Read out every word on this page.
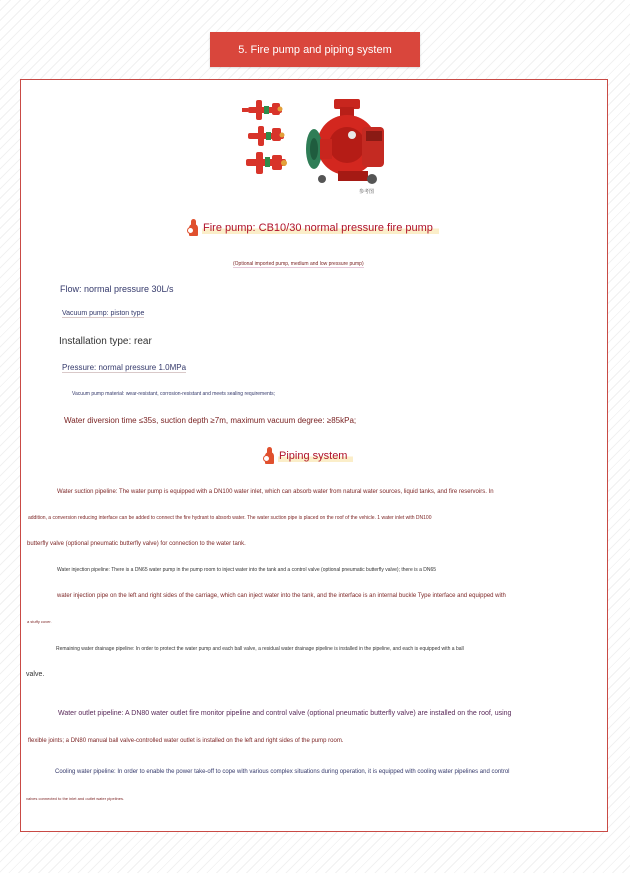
5. Fire pump and piping system
参考图
Fire pump: CB10/30 normal pressure fire pump
(Optional imported pump, medium and low pressure pump)
Flow: normal pressure 30L/s
Vacuum pump: piston type
Installation type: rear
Pressure: normal pressure 1.0MPa
Vacuum pump material: wear-resistant, corrosion-resistant and meets sealing requirements;
Water diversion time ≤35s, suction depth ≥7m, maximum vacuum degree: ≥85kPa;
Piping system
Water suction pipeline: The water pump is equipped with a DN100 water inlet, which can absorb water from natural water sources, liquid tanks, and fire reservoirs. In
addition, a conversion reducing interface can be added to connect the fire hydrant to absorb water. The water suction pipe is placed on the roof of the vehicle. 1 water inlet with DN100
butterfly valve (optional pneumatic butterfly valve) for connection to the water tank.
Water injection pipeline: There is a DN65 water pump in the pump room to inject water into the tank and a control valve (optional pneumatic butterfly valve); there is a DN65
water injection pipe on the left and right sides of the carriage, which can inject water into the tank, and the interface is an internal buckle Type interface and equipped with
a stuffy cover.
Remaining water drainage pipeline: In order to protect the water pump and each ball valve, a residual water drainage pipeline is installed in the pipeline, and each is equipped with a ball
valve.
Water outlet pipeline: A DN80 water outlet fire monitor pipeline and control valve (optional pneumatic butterfly valve) are installed on the roof, using
flexible joints; a DN80 manual ball valve-controlled water outlet is installed on the left and right sides of the pump room.
Cooling water pipeline: In order to enable the power take-off to cope with various complex situations during operation, it is equipped with cooling water pipelines and control
valves connected to the inlet and outlet water pipelines.
